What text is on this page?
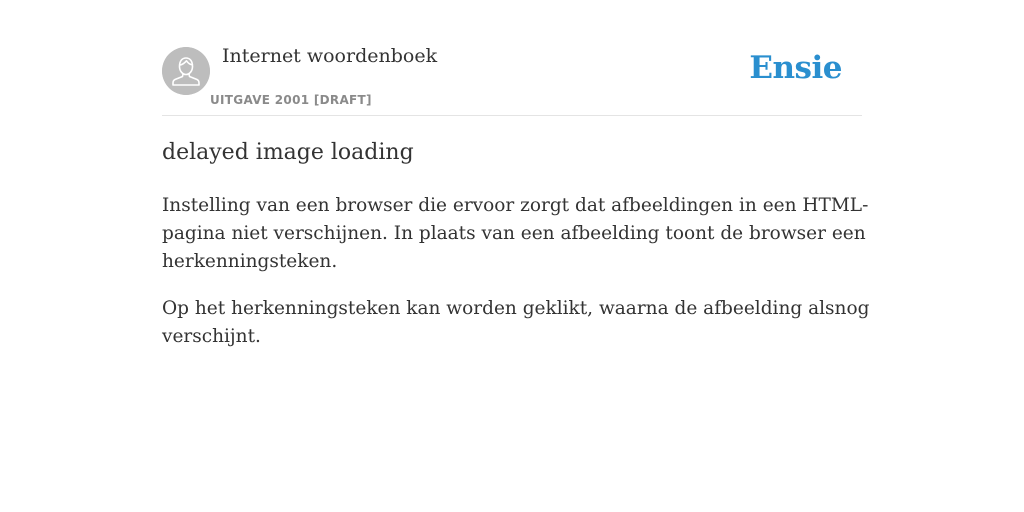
Internet woordenboek
UITGAVE 2001 [DRAFT]
Ensie
delayed image loading

Instelling van een browser die ervoor zorgt dat afbeeldingen in een HTML-pagina niet verschijnen. In plaats van een afbeelding toont de browser een herkenningsteken.

Op het herkenningsteken kan worden geklikt, waarna de afbeelding alsnog verschijnt.
